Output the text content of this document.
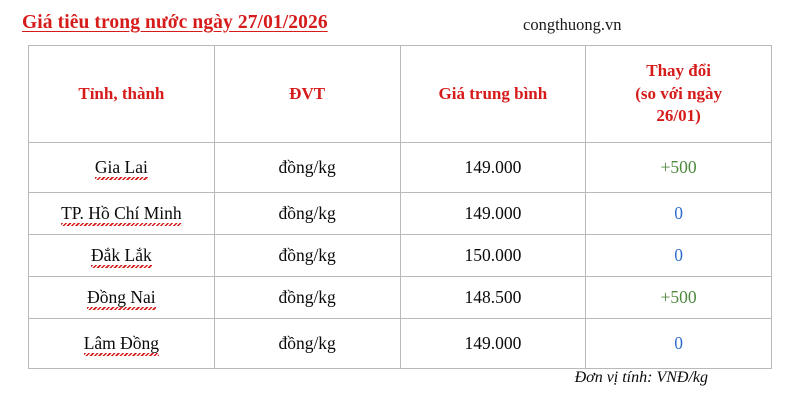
Giá tiêu trong nước ngày 27/01/2026	congthuong.vn
Tỉnh, thành	ĐVT	Giá trung bình	Thay đổi
(so với ngày
26/01)

Gia Lai	đồng/kg	149.000	+500
TP. Hồ Chí Minh	đồng/kg	149.000	0
Đắk Lắk	đồng/kg	150.000	0
Đồng Nai	đồng/kg	148.500	+500
Lâm Đồng	đồng/kg	149.000	0
Đơn vị tính: VNĐ/kg
